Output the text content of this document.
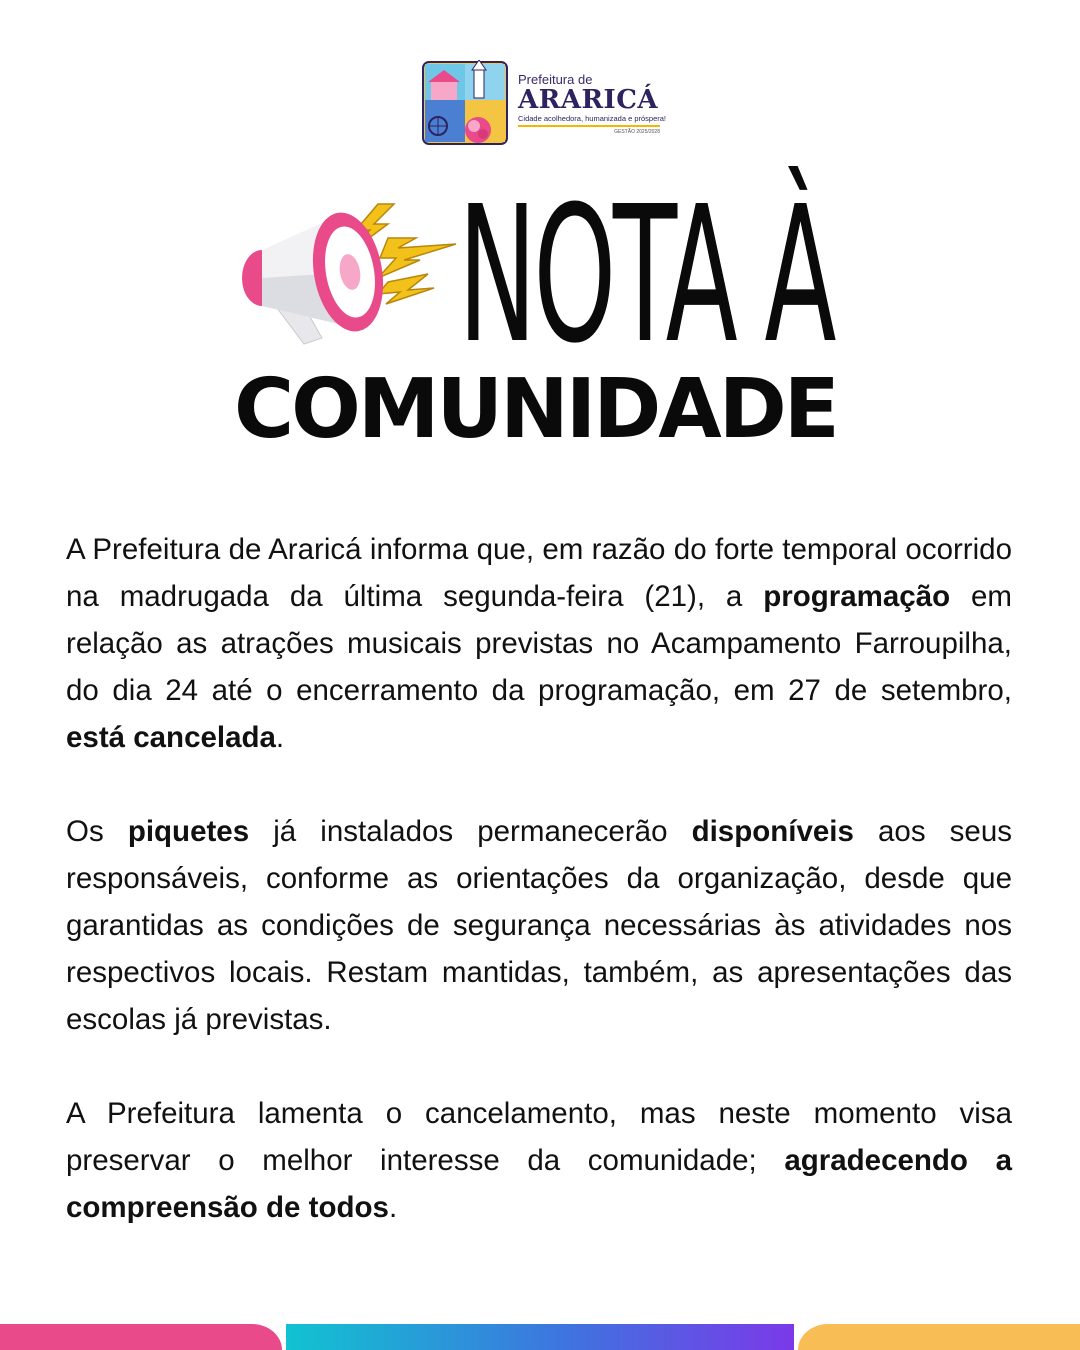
Prefeitura de
ARARICÁ
Cidade acolhedora, humanizada e próspera!
GESTÃO 2025/2028
NOTA À
COMUNIDADE

A Prefeitura de Araricá informa que, em razão do forte temporal ocorrido na madrugada da última segunda-feira (21), a programação em relação as atrações musicais previstas no Acampamento Farroupilha, do dia 24 até o encerramento da programação, em 27 de setembro, está cancelada.

Os piquetes já instalados permanecerão disponíveis aos seus responsáveis, conforme as orientações da organização, desde que garantidas as condições de segurança necessárias às atividades nos respectivos locais. Restam mantidas, também, as apresentações das escolas já previstas.

A Prefeitura lamenta o cancelamento, mas neste momento visa preservar o melhor interesse da comunidade; agradecendo a compreensão de todos.
